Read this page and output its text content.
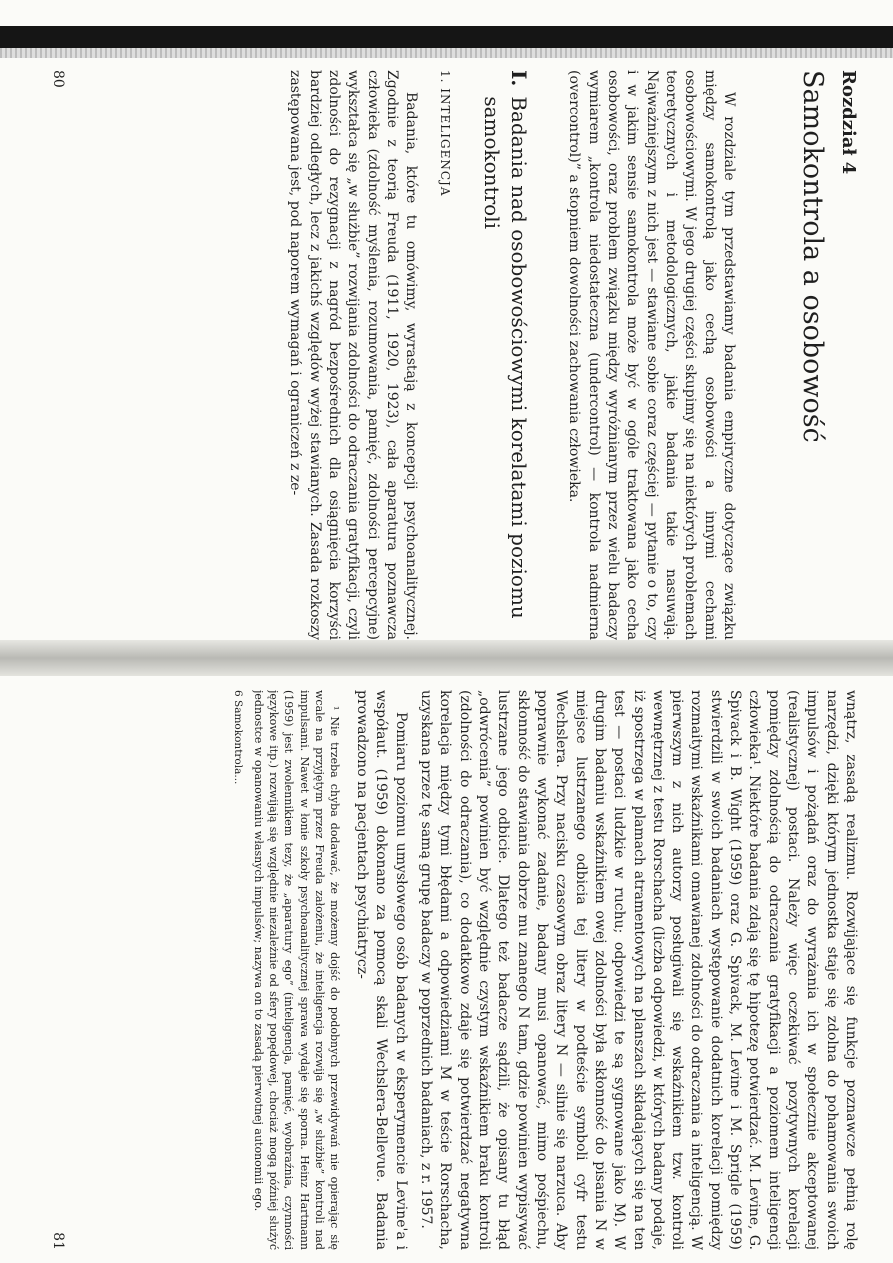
Rozdział 4
Samokontrola a osobowość

W rozdziale tym przedstawiamy badania empiryczne dotyczące związku między samokontrolą jako cechą osobowości a innymi cechami osobowościowymi. W jego drugiej części skupimy się na niektórych problemach teoretycznych i metodologicznych, jakie badania takie nasuwają. Najważniejszym z nich jest — stawiane sobie coraz częściej — pytanie o to, czy i w jakim sensie samokontrola może być w ogóle traktowana jako cecha osobowości, oraz problem związku między wyróżnianym przez wielu badaczy wymiarem „kontrola niedostateczna (undercontrol) — kontrola nadmierna (overcontrol)” a stopniem dowolności zachowania człowieka.

I.
Badania nad osobowościowymi korelatami poziomu samokontroli
1. INTELIGENCJA

Badania, które tu omówimy, wyrastają z koncepcji psychoanalitycznej. Zgodnie z teorią Freuda (1911, 1920, 1923), cała aparatura poznawcza człowieka (zdolność myślenia, rozumowania, pamięć, zdolności percepcyjne) wykształca się „w służbie” rozwijania zdolności do odraczania gratyfikacji, czyli zdolności do rezygnacji z nagród bezpośrednich dla osiągnięcia korzyści bardziej odległych, lecz z jakichś względów wyżej stawianych. Zasada rozkoszy zastępowana jest, pod naporem wymagań i ograniczeń z ze-

80

wnątrz, zasadą realizmu. Rozwijające się funkcje poznawcze pełnią rolę narzędzi, dzięki którym jednostka staje się zdolna do pohamowania swoich impulsów i pożądań oraz do wyrażania ich w społecznie akceptowanej (realistycznej) postaci. Należy więc oczekiwać pozytywnych korelacji pomiędzy zdolnością do odraczania gratyfikacji a poziomem inteligencji człowieka¹. Niektóre badania zdają się tę hipotezę potwierdzać. M. Levine, G. Spivack i B. Wight (1959) oraz G. Spivack, M. Levine i M. Sprigle (1959) stwierdzili w swoich badaniach występowanie dodatnich korelacji pomiędzy rozmaitymi wskaźnikami omawianej zdolności do odraczania a inteligencją. W pierwszym z nich autorzy posługiwali się wskaźnikiem tzw. kontroli wewnętrznej z testu Rorschacha (liczba odpowiedzi, w których badany podaje, iż spostrzega w plamach atramentowych na planszach składających się na ten test — postaci ludzkie w ruchu; odpowiedzi te są sygnowane jako M). W drugim badaniu wskaźnikiem owej zdolności była skłonność do pisania N w miejsce lustrzanego odbicia tej litery w podteście symboli cyfr testu Wechslera. Przy nacisku czasowym obraz litery N — silnie się narzuca. Aby poprawnie wykonać zadanie, badany musi opanować, mimo pośpiechu, skłonność do stawiania dobrze mu znanego N tam, gdzie powinien wypisywać lustrzane jego odbicie. Dlatego też badacze sądzili, że opisany tu błąd „odwrócenia” powinien być względnie czystym wskaźnikiem braku kontroli (zdolności do odraczania), co dodatkowo zdaje się potwierdzać negatywna korelacja między tymi błędami a odpowiedziami M w teście Rorschacha, uzyskana przez tę samą grupę badaczy w poprzednich badaniach, z r. 1957.

Pomiaru poziomu umysłowego osób badanych w eksperymencie Levine'a i współaut. (1959) dokonano za pomocą skali Wechslera-Bellevue. Badania prowadzono na pacjentach psychiatrycz-

¹ Nie trzeba chyba dodawać, że możemy dojść do podobnych przewidywań nie opierając się wcale na przyjętym przez Freuda założeniu, że inteligencja rozwija się „w służbie” kontroli nad impulsami. Nawet w łonie szkoły psychoanalitycznej sprawa wydaje się sporna. Heinz Hartmann (1959) jest zwolennikiem tezy, że „aparatury ego” (inteligencja, pamięć, wyobraźnia, czynności językowe itp.) rozwijają się względnie niezależnie od sfery popędowej, chociaż mogą później służyć jednostce w opanowaniu własnych impulsów; nazywa on to zasadą pierwotnej autonomii ego.

6 Samokontrola...
81
